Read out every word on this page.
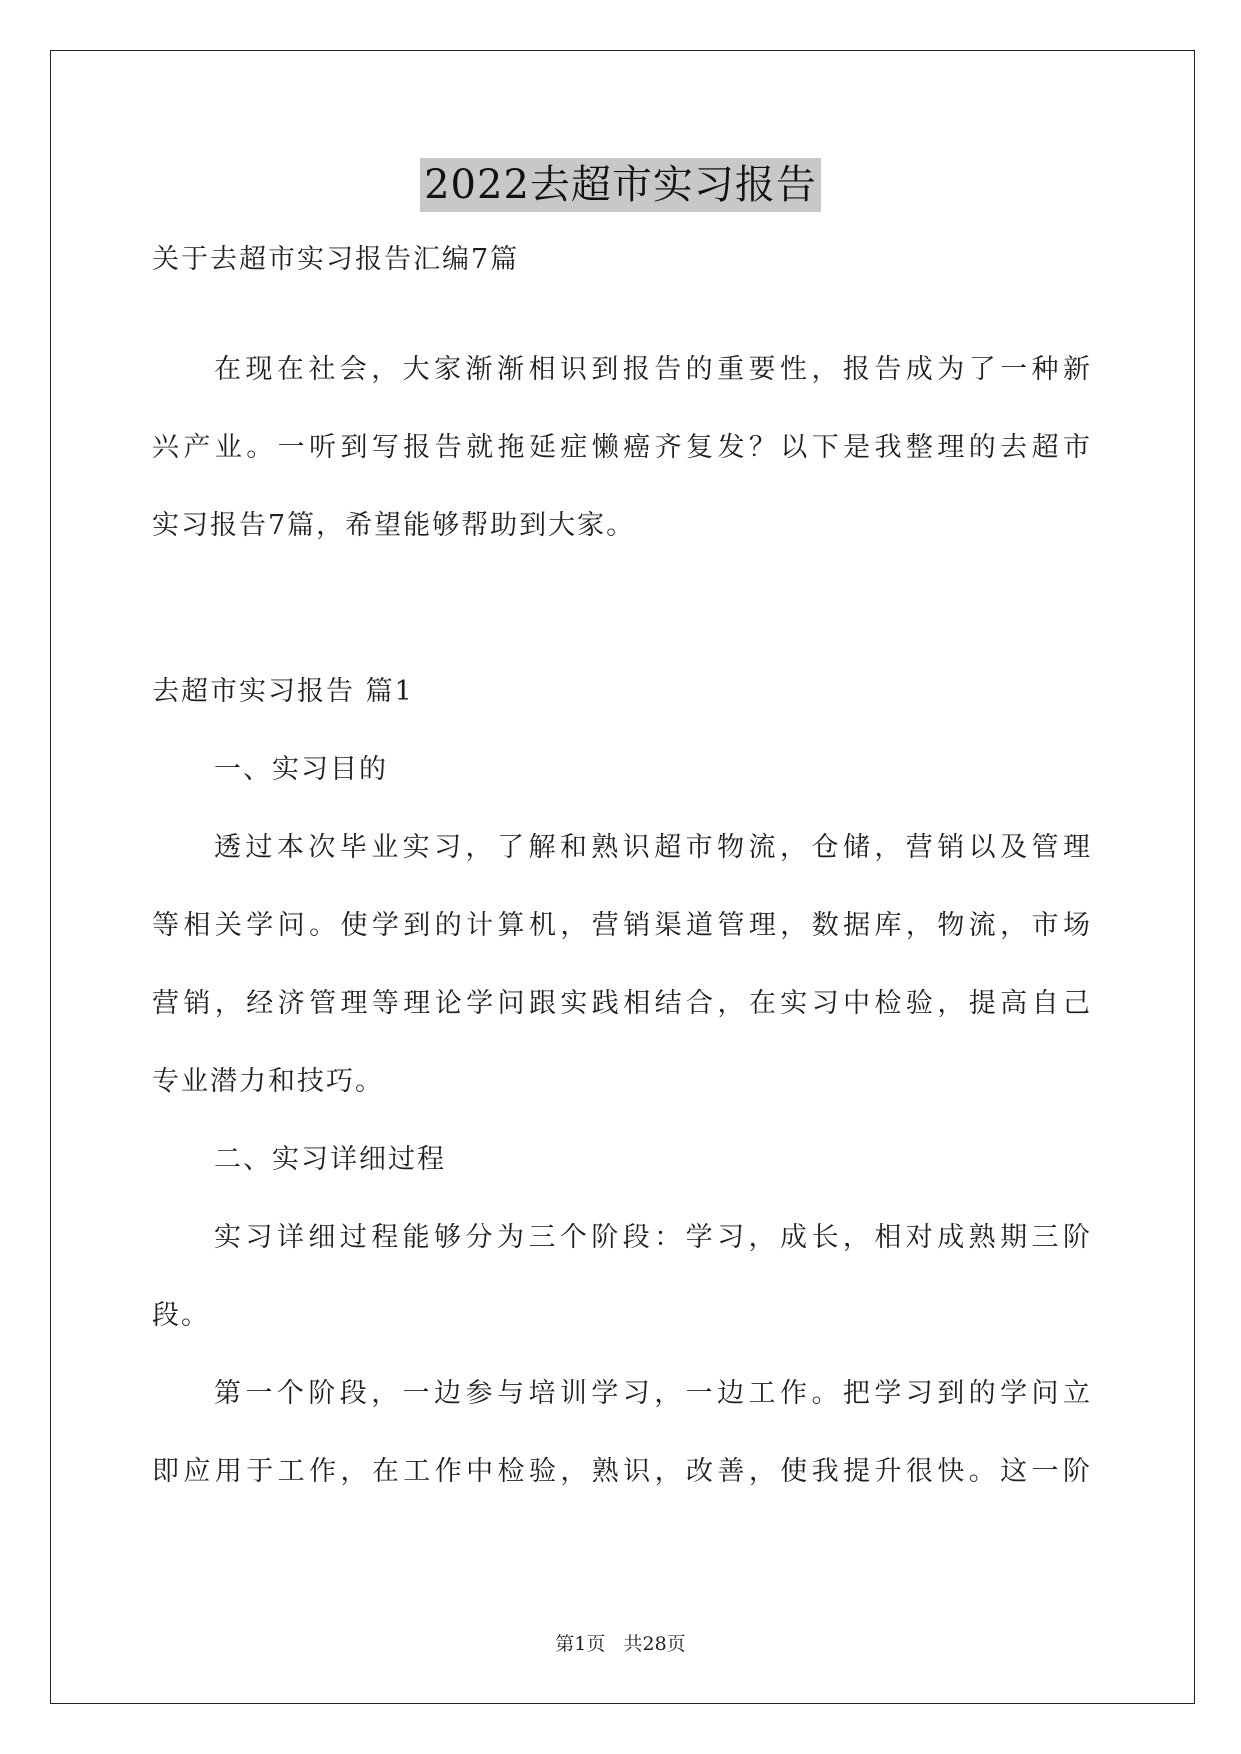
2022去超市实习报告
关于去超市实习报告汇编7篇
在现在社会，大家渐渐相识到报告的重要性，报告成为了一种新
兴产业。一听到写报告就拖延症懒癌齐复发？以下是我整理的去超市
实习报告7篇，希望能够帮助到大家。
去超市实习报告 篇1
一、实习目的
透过本次毕业实习，了解和熟识超市物流，仓储，营销以及管理
等相关学问。使学到的计算机，营销渠道管理，数据库，物流，市场
营销，经济管理等理论学问跟实践相结合，在实习中检验，提高自己
专业潜力和技巧。
二、实习详细过程
实习详细过程能够分为三个阶段：学习，成长，相对成熟期三阶
段。
第一个阶段，一边参与培训学习，一边工作。把学习到的学问立
即应用于工作，在工作中检验，熟识，改善，使我提升很快。这一阶
第1页   共28页
